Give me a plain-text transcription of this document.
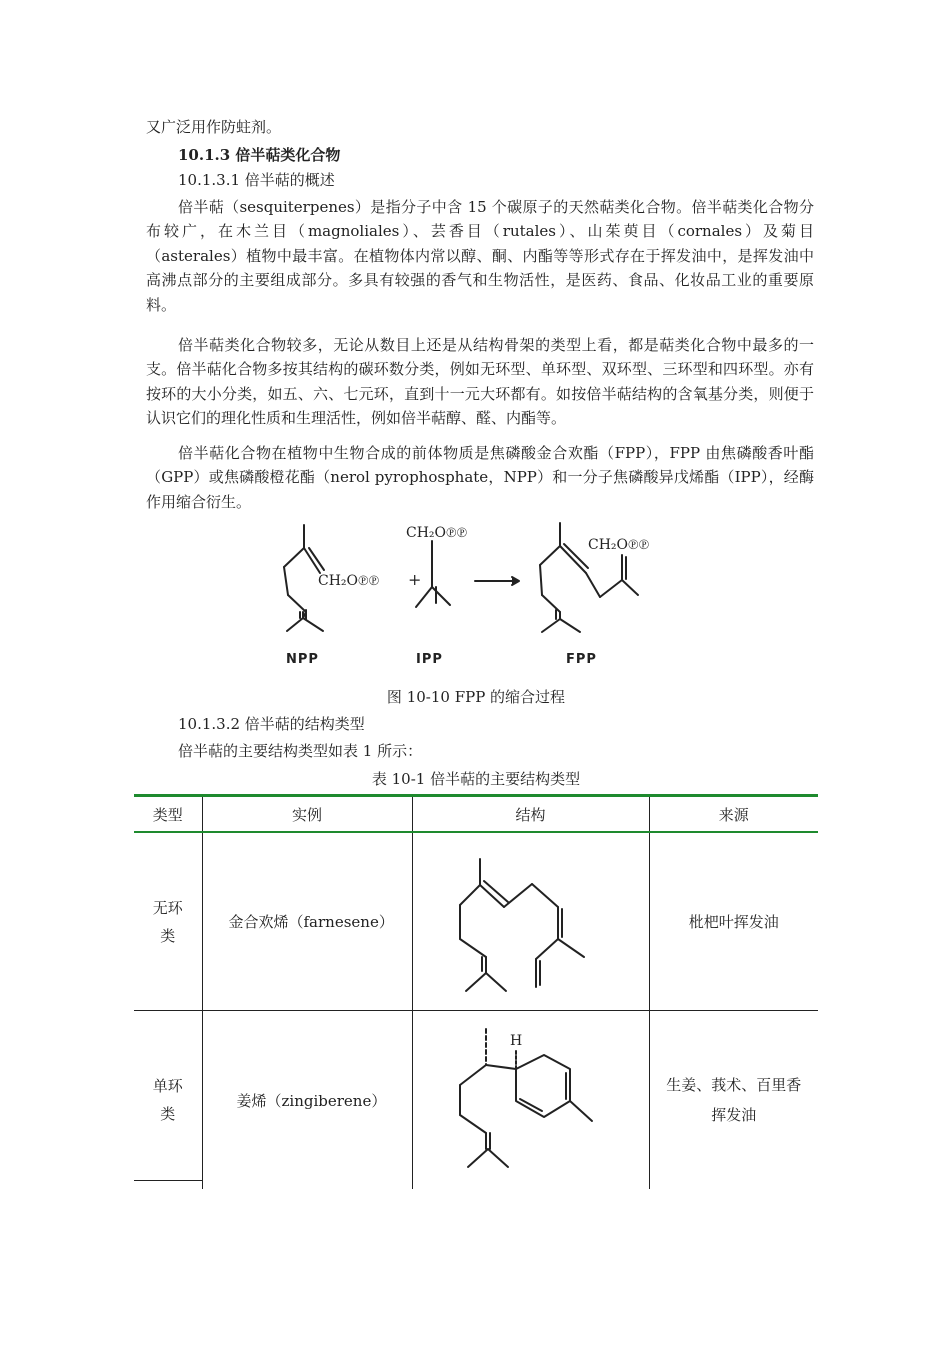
又广泛用作防蛀剂。
10.1.3 倍半萜类化合物
10.1.3.1 倍半萜的概述
倍半萜（sesquiterpenes）是指分子中含 15 个碳原子的天然萜类化合物。倍半萜类化合物分布较广，在木兰目（magnoliales）、芸香目（rutales）、山茱萸目（cornales）及菊目（asterales）植物中最丰富。在植物体内常以醇、酮、内酯等等形式存在于挥发油中，是挥发油中高沸点部分的主要组成部分。多具有较强的香气和生物活性，是医药、食品、化妆品工业的重要原料。
倍半萜类化合物较多，无论从数目上还是从结构骨架的类型上看，都是萜类化合物中最多的一支。倍半萜化合物多按其结构的碳环数分类，例如无环型、单环型、双环型、三环型和四环型。亦有按环的大小分类，如五、六、七元环，直到十一元大环都有。如按倍半萜结构的含氧基分类，则便于认识它们的理化性质和生理活性，例如倍半萜醇、醛、内酯等。
倍半萜化合物在植物中生物合成的前体物质是焦磷酸金合欢酯（FPP），FPP 由焦磷酸香叶酯（GPP）或焦磷酸橙花酯（nerol pyrophosphate，NPP）和一分子焦磷酸异戊烯酯（IPP），经酶作用缩合衍生。
CH₂O℗℗ +
CH₂O℗℗
CH₂O℗℗
NPP	IPP	FPP
图 10-10 FPP 的缩合过程
10.1.3.2 倍半萜的结构类型
倍半萜的主要结构类型如表 1 所示：
表 10-1 倍半萜的主要结构类型
类型	实例	结构	来源
无环类	金合欢烯（farnesene）		枇杷叶挥发油
单环类	姜烯（zingiberene）	H	生姜、莪术、百里香挥发油
